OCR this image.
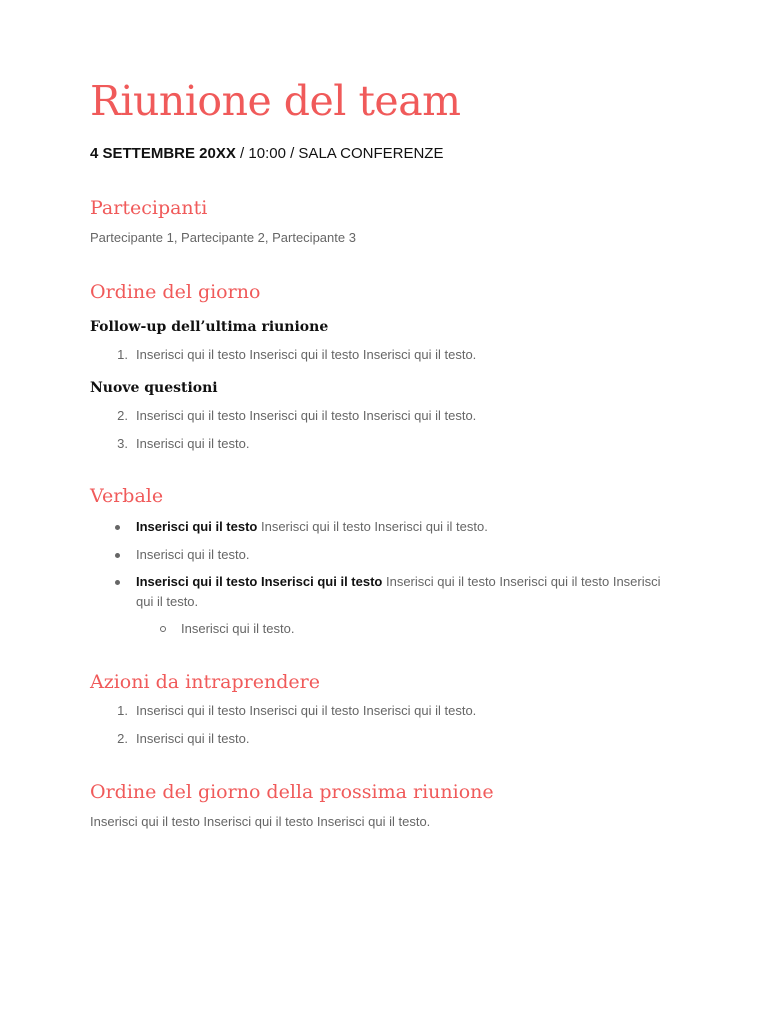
Riunione del team

4 SETTEMBRE 20XX / 10:00 / SALA CONFERENZE

Partecipanti

Partecipante 1, Partecipante 2, Partecipante 3

Ordine del giorno
Follow-up dell’ultima riunione
1. Inserisci qui il testo Inserisci qui il testo Inserisci qui il testo.
Nuove questioni
2. Inserisci qui il testo Inserisci qui il testo Inserisci qui il testo.
3. Inserisci qui il testo.
Verbale
Inserisci qui il testo Inserisci qui il testo Inserisci qui il testo.
Inserisci qui il testo.
Inserisci qui il testo Inserisci qui il testo Inserisci qui il testo Inserisci qui il testo Inserisci qui il testo.
Inserisci qui il testo.
Azioni da intraprendere
1. Inserisci qui il testo Inserisci qui il testo Inserisci qui il testo.
2. Inserisci qui il testo.
Ordine del giorno della prossima riunione

Inserisci qui il testo Inserisci qui il testo Inserisci qui il testo.
